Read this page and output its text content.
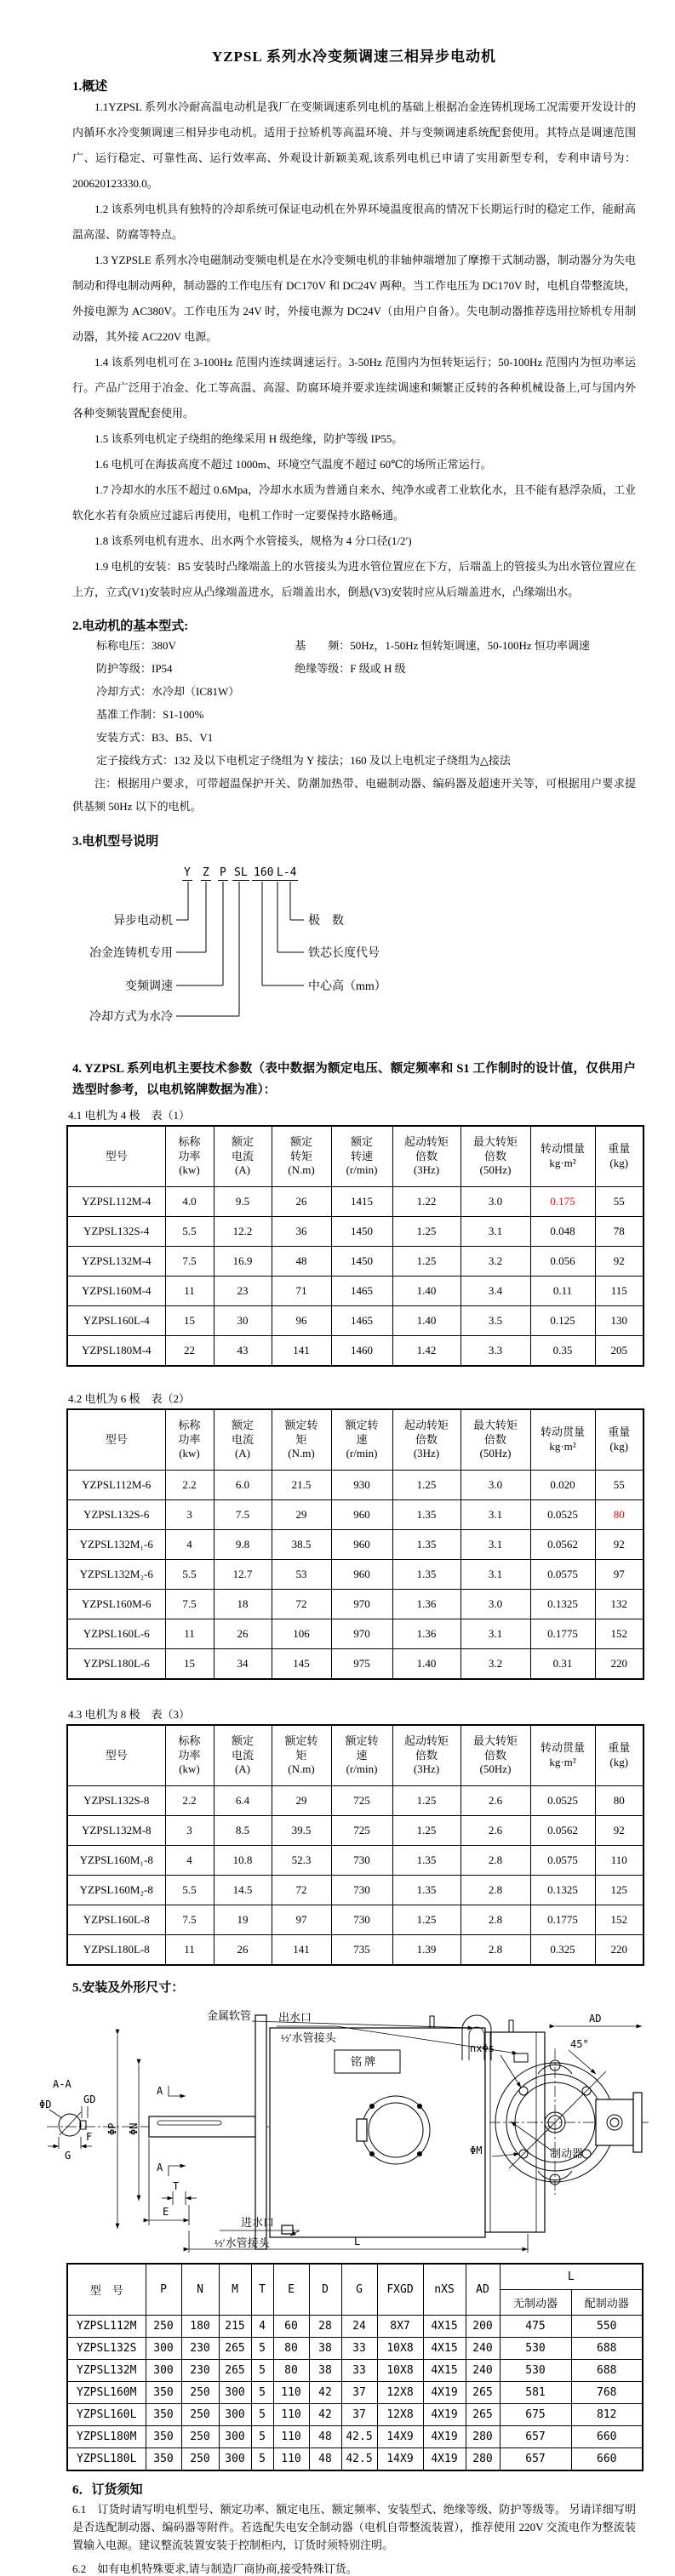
YZPSL 系列水冷变频调速三相异步电动机
1.概述

1.1YZPSL 系列水冷耐高温电动机是我厂在变频调速系列电机的基础上根据冶金连铸机现场工况需要开发设计的内循环水冷变频调速三相异步电动机。适用于拉矫机等高温环境、并与变频调速系统配套使用。其特点是调速范围广、运行稳定、可靠性高、运行效率高、外观设计新颖美观,该系列电机已申请了实用新型专利，专利申请号为：200620123330.0。

1.2 该系列电机具有独特的冷却系统可保证电动机在外界环境温度很高的情况下长期运行时的稳定工作，能耐高温高湿、防腐等特点。

1.3 YZPSLE 系列水冷电磁制动变频电机是在水冷变频电机的非轴伸端增加了摩擦干式制动器，制动器分为失电制动和得电制动两种，制动器的工作电压有 DC170V 和 DC24V 两种。当工作电压为 DC170V 时，电机自带整流块，外接电源为 AC380V。工作电压为 24V 时，外接电源为 DC24V（由用户自备）。失电制动器推荐选用拉矫机专用制动器，其外接 AC220V 电源。

1.4 该系列电机可在 3-100Hz 范围内连续调速运行。3-50Hz 范围内为恒转矩运行；50-100Hz 范围内为恒功率运行。产品广泛用于冶金、化工等高温、高湿、防腐环境并要求连续调速和频繁正反转的各种机械设备上,可与国内外各种变频装置配套使用。

1.5 该系列电机定子绕组的绝缘采用 H 级绝缘，防护等级 IP55。

1.6 电机可在海拔高度不超过 1000m、环境空气温度不超过 60℃的场所正常运行。

1.7 冷却水的水压不超过 0.6Mpa，冷却水水质为普通自来水、纯净水或者工业软化水，且不能有悬浮杂质，工业软化水若有杂质应过滤后再使用，电机工作时一定要保持水路畅通。

1.8 该系列电机有进水、出水两个水管接头，规格为 4 分口径(1/2′)

1.9 电机的安装：B5 安装时凸缘端盖上的水管接头为进水管位置应在下方，后端盖上的管接头为出水管位置应在上方，立式(V1)安装时应从凸缘端盖进水，后端盖出水，倒悬(V3)安装时应从后端盖进水，凸缘端出水。

2.电动机的基本型式:
标称电压：380V	基　　频：50Hz，1-50Hz 恒转矩调速，50-100Hz 恒功率调速
防护等级：IP54	绝缘等级：F 级或 H 级
冷却方式：水冷却（IC81W）
基准工作制：S1-100%
安装方式：B3、B5、V1
定子接线方式：132 及以下电机定子绕组为 Y 接法；160 及以上电机定子绕组为△接法

注：根据用户要求，可带超温保护开关、防潮加热带、电磁制动器、编码器及超速开关等，可根据用户要求提供基频 50Hz 以下的电机。

3.电机型号说明
Y Z P SL 160 L-4
异步电动机
冶金连铸机专用
变频调速
冷却方式为水冷
极　数
铁芯长度代号
中心高（mm）
4. YZPSL 系列电机主要技术参数（表中数据为额定电压、额定频率和 S1 工作制时的设计值，仅供用户选型时参考，以电机铭牌数据为准）：
4.1 电机为 4 极　表（1）
型号	标称
功率
(kw)	额定
电流
(A)	额定
转矩
(N.m)	额定
转速
(r/min)	起动转矩
倍数
(3Hz)	最大转矩
倍数
(50Hz)	转动惯量
kg·m²	重量
(kg)
YZPSL112M-4	4.0	9.5	26	1415	1.22	3.0	0.175	55
YZPSL132S-4	5.5	12.2	36	1450	1.25	3.1	0.048	78
YZPSL132M-4	7.5	16.9	48	1450	1.25	3.2	0.056	92
YZPSL160M-4	11	23	71	1465	1.40	3.4	0.11	115
YZPSL160L-4	15	30	96	1465	1.40	3.5	0.125	130
YZPSL180M-4	22	43	141	1460	1.42	3.3	0.35	205
4.2 电机为 6 极　表（2）
型号	标称
功率
(kw)	额定
电流
(A)	额定转
矩
(N.m)	额定转
速
(r/min)	起动转矩
倍数
(3Hz)	最大转矩
倍数
(50Hz)	转动贯量
kg·m²	重量
(kg)
YZPSL112M-6	2.2	6.0	21.5	930	1.25	3.0	0.020	55
YZPSL132S-6	3	7.5	29	960	1.35	3.1	0.0525	80
YZPSL132M₁-6	4	9.8	38.5	960	1.35	3.1	0.0562	92
YZPSL132M₂-6	5.5	12.7	53	960	1.35	3.1	0.0575	97
YZPSL160M-6	7.5	18	72	970	1.36	3.0	0.1325	132
YZPSL160L-6	11	26	106	970	1.36	3.1	0.1775	152
YZPSL180L-6	15	34	145	975	1.40	3.2	0.31	220
4.3 电机为 8 极　表（3）
型号	标称
功率
(kw)	额定
电流
(A)	额定转
矩
(N.m)	额定转
速
(r/min)	起动转矩
倍数
(3Hz)	最大转矩
倍数
(50Hz)	转动贯量
kg·m²	重量
(kg)
YZPSL132S-8	2.2	6.4	29	725	1.25	2.6	0.0525	80
YZPSL132M-8	3	8.5	39.5	725	1.25	2.6	0.0562	92
YZPSL160M₁-8	4	10.8	52.3	730	1.35	2.8	0.0575	110
YZPSL160M₂-8	5.5	14.5	72	730	1.35	2.8	0.1325	125
YZPSL160L-8	7.5	19	97	730	1.25	2.8	0.1775	152
YZPSL180L-8	11	26	141	735	1.39	2.8	0.325	220
5.安装及外形尺寸：
A-A
ΦD	GD
G
F
ΦP ΦN
A
A
铭 牌
金属软管 出水口
½′水管接头
制动器
进水口
½′水管接头
T
E
L
AD
45°
nxΦs
ΦM
型　号	P	N	M	T	E	D	G	FXGD	nXS	AD	L	
											无制动器	配制动器
YZPSL112M	250	180	215	4	60	28	24	8X7	4X15	200	475	550
YZPSL132S	300	230	265	5	80	38	33	10X8	4X15	240	530	688
YZPSL132M	300	230	265	5	80	38	33	10X8	4X15	240	530	688
YZPSL160M	350	250	300	5	110	42	37	12X8	4X19	265	581	768
YZPSL160L	350	250	300	5	110	42	37	12X8	4X19	265	675	812
YZPSL180M	350	250	300	5	110	48	42.5	14X9	4X19	280	657	660
YZPSL180L	350	250	300	5	110	48	42.5	14X9	4X19	280	657	660
6．订货须知

6.1　订货时请写明电机型号、额定功率、额定电压、额定频率、安装型式、绝缘等级、防护等级等。 另请详细写明是否选配制动器、编码器等附件。若选配失电安全制动器（电机自带整流装置），推荐使用 220V 交流电作为整流装置输入电源。建议整流装置安装于控制柜内，订货时须特别注明。

6.2　如有电机特殊要求,请与制造厂商协商,接受特殊订货。
